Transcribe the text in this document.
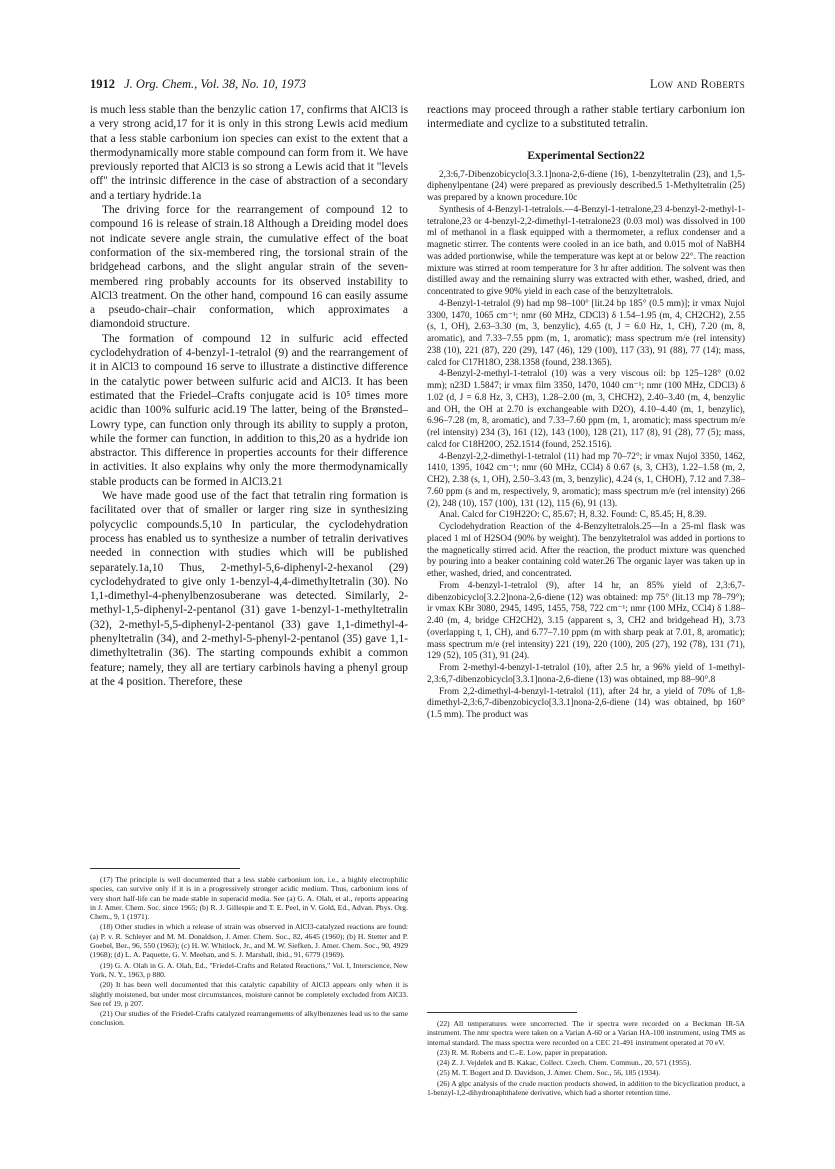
1912 J. Org. Chem., Vol. 38, No. 10, 1973	Low and Roberts

is much less stable than the benzylic cation 17, confirms that AlCl3 is a very strong acid,17 for it is only in this strong Lewis acid medium that a less stable carbonium ion species can exist to the extent that a thermodynamically more stable compound can form from it. We have previously reported that AlCl3 is so strong a Lewis acid that it "levels off" the intrinsic difference in the case of abstraction of a secondary and a tertiary hydride.1a

The driving force for the rearrangement of compound 12 to compound 16 is release of strain.18 Although a Dreiding model does not indicate severe angle strain, the cumulative effect of the boat conformation of the six-membered ring, the torsional strain of the bridgehead carbons, and the slight angular strain of the seven-membered ring probably accounts for its observed instability to AlCl3 treatment. On the other hand, compound 16 can easily assume a pseudo-chair–chair conformation, which approximates a diamondoid structure.

The formation of compound 12 in sulfuric acid effected cyclodehydration of 4-benzyl-1-tetralol (9) and the rearrangement of it in AlCl3 to compound 16 serve to illustrate a distinctive difference in the catalytic power between sulfuric acid and AlCl3. It has been estimated that the Friedel–Crafts conjugate acid is 10⁵ times more acidic than 100% sulfuric acid.19 The latter, being of the Brønsted–Lowry type, can function only through its ability to supply a proton, while the former can function, in addition to this,20 as a hydride ion abstractor. This difference in properties accounts for their difference in activities. It also explains why only the more thermodynamically stable products can be formed in AlCl3.21

We have made good use of the fact that tetralin ring formation is facilitated over that of smaller or larger ring size in synthesizing polycyclic compounds.5,10 In particular, the cyclodehydration process has enabled us to synthesize a number of tetralin derivatives needed in connection with studies which will be published separately.1a,10 Thus, 2-methyl-5,6-diphenyl-2-hexanol (29) cyclodehydrated to give only 1-benzyl-4,4-dimethyltetralin (30). No 1,1-dimethyl-4-phenylbenzosuberane was detected. Similarly, 2-methyl-1,5-diphenyl-2-pentanol (31) gave 1-benzyl-1-methyltetralin (32), 2-methyl-5,5-diphenyl-2-pentanol (33) gave 1,1-dimethyl-4-phenyltetralin (34), and 2-methyl-5-phenyl-2-pentanol (35) gave 1,1-dimethyltetralin (36). The starting compounds exhibit a common feature; namely, they all are tertiary carbinols having a phenyl group at the 4 position. Therefore, these

reactions may proceed through a rather stable tertiary carbonium ion intermediate and cyclize to a substituted tetralin.

Experimental Section22

2,3:6,7-Dibenzobicyclo[3.3.1]nona-2,6-diene (16), 1-benzyltetralin (23), and 1,5-diphenylpentane (24) were prepared as previously described.5 1-Methyltetralin (25) was prepared by a known procedure.10c

Synthesis of 4-Benzyl-1-tetralols.—4-Benzyl-1-tetralone,23 4-benzyl-2-methyl-1-tetralone,23 or 4-benzyl-2,2-dimethyl-1-tetralone23 (0.03 mol) was dissolved in 100 ml of methanol in a flask equipped with a thermometer, a reflux condenser and a magnetic stirrer. The contents were cooled in an ice bath, and 0.015 mol of NaBH4 was added portionwise, while the temperature was kept at or below 22°. The reaction mixture was stirred at room temperature for 3 hr after addition. The solvent was then distilled away and the remaining slurry was extracted with ether, washed, dried, and concentrated to give 90% yield in each case of the benzyltetralols.

4-Benzyl-1-tetralol (9) had mp 98–100° [lit.24 bp 185° (0.5 mm)]; ir νmax Nujol 3300, 1470, 1065 cm⁻¹; nmr (60 MHz, CDCl3) δ 1.54–1.95 (m, 4, CH2CH2), 2.55 (s, 1, OH), 2.63–3.30 (m, 3, benzylic), 4.65 (t, J = 6.0 Hz, 1, CH), 7.20 (m, 8, aromatic), and 7.33–7.55 ppm (m, 1, aromatic); mass spectrum m/e (rel intensity) 238 (10), 221 (87), 220 (29), 147 (46), 129 (100), 117 (33), 91 (88), 77 (14); mass, calcd for C17H18O, 238.1358 (found, 238.1365).

4-Benzyl-2-methyl-1-tetralol (10) was a very viscous oil: bp 125–128° (0.02 mm); n23D 1.5847; ir νmax film 3350, 1470, 1040 cm⁻¹; nmr (100 MHz, CDCl3) δ 1.02 (d, J = 6.8 Hz, 3, CH3), 1.28–2.00 (m, 3, CHCH2), 2.40–3.40 (m, 4, benzylic and OH, the OH at 2.70 is exchangeable with D2O), 4.10–4.40 (m, 1, benzylic), 6.96–7.28 (m, 8, aromatic), and 7.33–7.60 ppm (m, 1, aromatic); mass spectrum m/e (rel intensity) 234 (3), 161 (12), 143 (100), 128 (21), 117 (8), 91 (28), 77 (5); mass, calcd for C18H20O, 252.1514 (found, 252.1516).

4-Benzyl-2,2-dimethyl-1-tetralol (11) had mp 70–72°; ir νmax Nujol 3350, 1462, 1410, 1395, 1042 cm⁻¹; nmr (60 MHz, CCl4) δ 0.67 (s, 3, CH3), 1.22–1.58 (m, 2, CH2), 2.38 (s, 1, OH), 2.50–3.43 (m, 3, benzylic), 4.24 (s, 1, CHOH), 7.12 and 7.38–7.60 ppm (s and m, respectively, 9, aromatic); mass spectrum m/e (rel intensity) 266 (2), 248 (10), 157 (100), 131 (12), 115 (6), 91 (13).

Anal. Calcd for C19H22O: C, 85.67; H, 8.32. Found: C, 85.45; H, 8.39.

Cyclodehydration Reaction of the 4-Benzyltetralols.25—In a 25-ml flask was placed 1 ml of H2SO4 (90% by weight). The benzyltetralol was added in portions to the magnetically stirred acid. After the reaction, the product mixture was quenched by pouring into a beaker containing cold water.26 The organic layer was taken up in ether, washed, dried, and concentrated.

From 4-benzyl-1-tetralol (9), after 14 hr, an 85% yield of 2,3:6,7-dibenzobicyclo[3.2.2]nona-2,6-diene (12) was obtained: mp 75° (lit.13 mp 78–79°); ir νmax KBr 3080, 2945, 1495, 1455, 758, 722 cm⁻¹; nmr (100 MHz, CCl4) δ 1.88–2.40 (m, 4, bridge CH2CH2), 3.15 (apparent s, 3, CH2 and bridgehead H), 3.73 (overlapping t, 1, CH), and 6.77–7.10 ppm (m with sharp peak at 7.01, 8, aromatic); mass spectrum m/e (rel intensity) 221 (19), 220 (100), 205 (27), 192 (78), 131 (71), 129 (52), 105 (31), 91 (24).

From 2-methyl-4-benzyl-1-tetralol (10), after 2.5 hr, a 96% yield of 1-methyl-2,3:6,7-dibenzobicyclo[3.3.1]nona-2,6-diene (13) was obtained, mp 88–90°.8

From 2,2-dimethyl-4-benzyl-1-tetralol (11), after 24 hr, a yield of 70% of 1,8-dimethyl-2,3:6,7-dibenzobicyclo[3.3.1]nona-2,6-diene (14) was obtained, bp 160° (1.5 mm). The product was

(17) The principle is well documented that a less stable carbonium ion, i.e., a highly electrophilic species, can survive only if it is in a progressively stronger acidic medium. Thus, carbonium ions of very short half-life can be made stable in superacid media. See (a) G. A. Olah, et al., reports appearing in J. Amer. Chem. Soc. since 1965; (b) R. J. Gillespie and T. E. Peel, in V. Gold, Ed., Advan. Phys. Org. Chem., 9, 1 (1971).

(18) Other studies in which a release of strain was observed in AlCl3-catalyzed reactions are found: (a) P. v. R. Schleyer and M. M. Donaldson, J. Amer. Chem. Soc., 82, 4645 (1960); (b) H. Stetter and P. Goebel, Ber., 96, 550 (1963); (c) H. W. Whitlock, Jr., and M. W. Siefken, J. Amer. Chem. Soc., 90, 4929 (1968); (d) L. A. Paquette, G. V. Meehan, and S. J. Marshall, ibid., 91, 6779 (1969).

(19) G. A. Olah in G. A. Olah, Ed., "Friedel-Crafts and Related Reactions," Vol. I, Interscience, New York, N. Y., 1963, p 880.

(20) It has been well documented that this catalytic capability of AlCl3 appears only when it is slightly moistened, but under most circumstances, moisture cannot be completely excluded from AlCl3. See ref 19, p 207.

(21) Our studies of the Friedel-Crafts catalyzed rearrangements of alkylbenzenes lead us to the same conclusion.	(22) All temperatures were uncorrected. The ir spectra were recorded on a Beckman IR-5A instrument. The nmr spectra were taken on a Varian A-60 or a Varian HA-100 instrument, using TMS as internal standard. The mass spectra were recorded on a CEC 21-491 instrument operated at 70 eV.

(23) R. M. Roberts and C.-E. Low, paper in preparation.

(24) Z. J. Vejdelek and B. Kakac, Collect. Czech. Chem. Commun., 20, 571 (1955).

(25) M. T. Bogert and D. Davidson, J. Amer. Chem. Soc., 56, 185 (1934).

(26) A glpc analysis of the crude reaction products showed, in addition to the bicyclization product, a 1-benzyl-1,2-dihydronaphthalene derivative, which had a shorter retention time.
